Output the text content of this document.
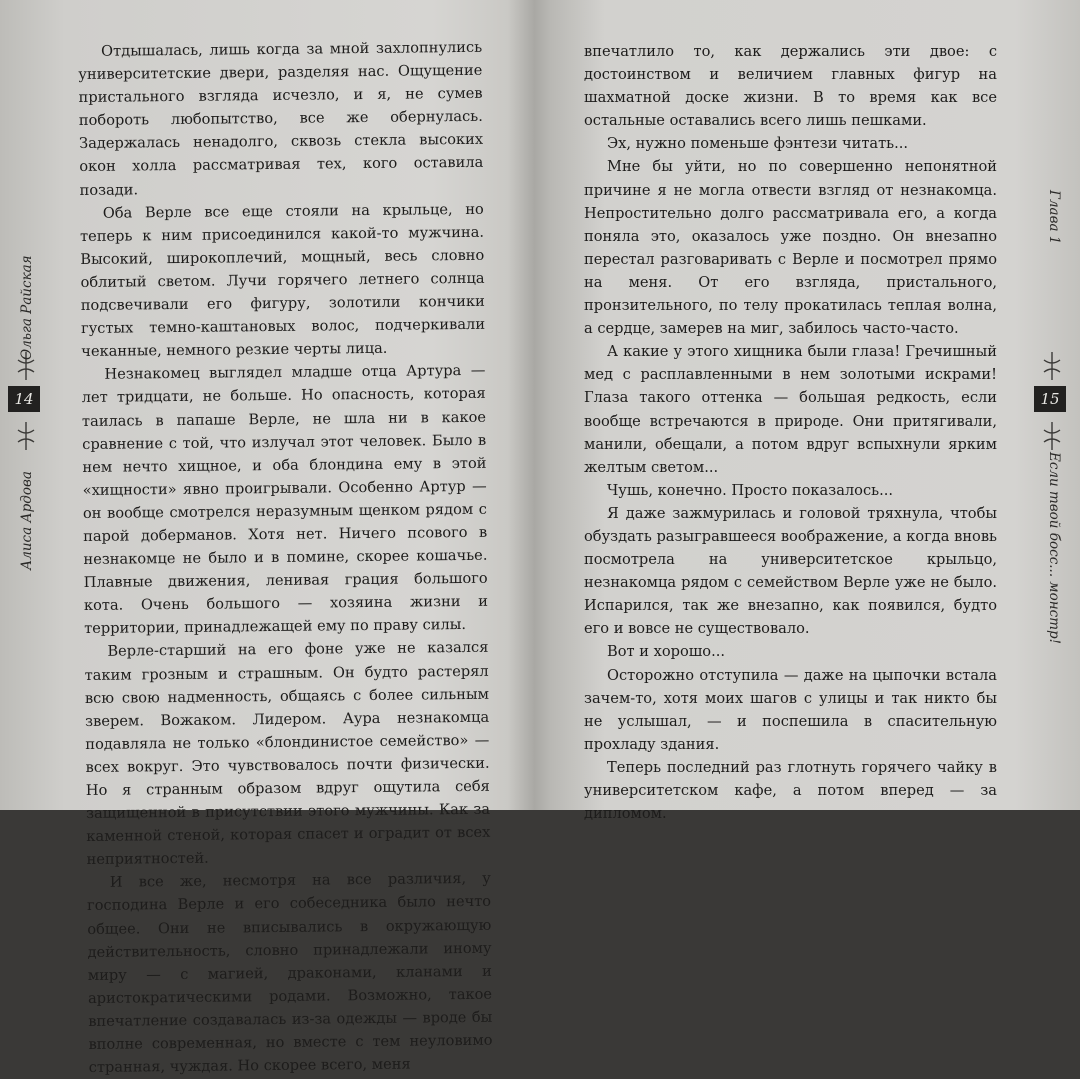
14
Ольга Райская
Алиса Ардова

Отдышалась, лишь когда за мной захлопнулись университетские двери, разделяя нас. Ощущение пристального взгляда исчезло, и я, не сумев побороть любопытство, все же обернулась. Задержалась ненадолго, сквозь стекла высоких окон холла рассматривая тех, кого оставила позади.

Оба Верле все еще стояли на крыльце, но теперь к ним присоединился какой-то мужчина. Высокий, широкоплечий, мощный, весь словно облитый светом. Лучи горячего летнего солнца подсвечивали его фигуру, золотили кончики густых темно-каштановых волос, подчеркивали чеканные, немного резкие черты лица.

Незнакомец выглядел младше отца Артура — лет тридцати, не больше. Но опасность, которая таилась в папаше Верле, не шла ни в какое сравнение с той, что излучал этот человек. Было в нем нечто хищное, и оба блондина ему в этой «хищности» явно проигрывали. Особенно Артур — он вообще смотрелся неразумным щенком рядом с парой доберманов. Хотя нет. Ничего псового в незнакомце не было и в помине, скорее кошачье. Плавные движения, ленивая грация большого кота. Очень большого — хозяина жизни и территории, принадлежащей ему по праву силы.

Верле-старший на его фоне уже не казался таким грозным и страшным. Он будто растерял всю свою надменность, общаясь с более сильным зверем. Вожаком. Лидером. Аура незнакомца подавляла не только «блондинистое семейство» — всех вокруг. Это чувствовалось почти физически. Но я странным образом вдруг ощутила себя защищенной в присутствии этого мужчины. Как за каменной стеной, которая спасет и оградит от всех неприятностей.

И все же, несмотря на все различия, у господина Верле и его собеседника было нечто общее. Они не вписывались в окружающую действительность, словно принадлежали иному миру — с магией, драконами, кланами и аристократическими родами. Возможно, такое впечатление создавалась из-за одежды — вроде бы вполне современная, но вместе с тем неуловимо странная, чуждая. Но скорее всего, меня

впечатлило то, как держались эти двое: с достоинством и величием главных фигур на шахматной доске жизни. В то время как все остальные оставались всего лишь пешками.

Эх, нужно поменьше фэнтези читать...

Мне бы уйти, но по совершенно непонятной причине я не могла отвести взгляд от незнакомца. Непростительно долго рассматривала его, а когда поняла это, оказалось уже поздно. Он внезапно перестал разговаривать с Верле и посмотрел прямо на меня. От его взгляда, пристального, пронзительного, по телу прокатилась теплая волна, а сердце, замерев на миг, забилось часто-часто.

А какие у этого хищника были глаза! Гречишный мед с расплавленными в нем золотыми искрами! Глаза такого оттенка — большая редкость, если вообще встречаются в природе. Они притягивали, манили, обещали, а потом вдруг вспыхнули ярким желтым светом...

Чушь, конечно. Просто показалось...

Я даже зажмурилась и головой тряхнула, чтобы обуздать разыгравшееся воображение, а когда вновь посмотрела на университетское крыльцо, незнакомца рядом с семейством Верле уже не было. Испарился, так же внезапно, как появился, будто его и вовсе не существовало.

Вот и хорошо...

Осторожно отступила — даже на цыпочки встала зачем-то, хотя моих шагов с улицы и так никто бы не услышал, — и поспешила в спасительную прохладу здания.

Теперь последний раз глотнуть горячего чайку в университетском кафе, а потом вперед — за дипломом.

15
Глава 1
Если твой босс... монстр!
